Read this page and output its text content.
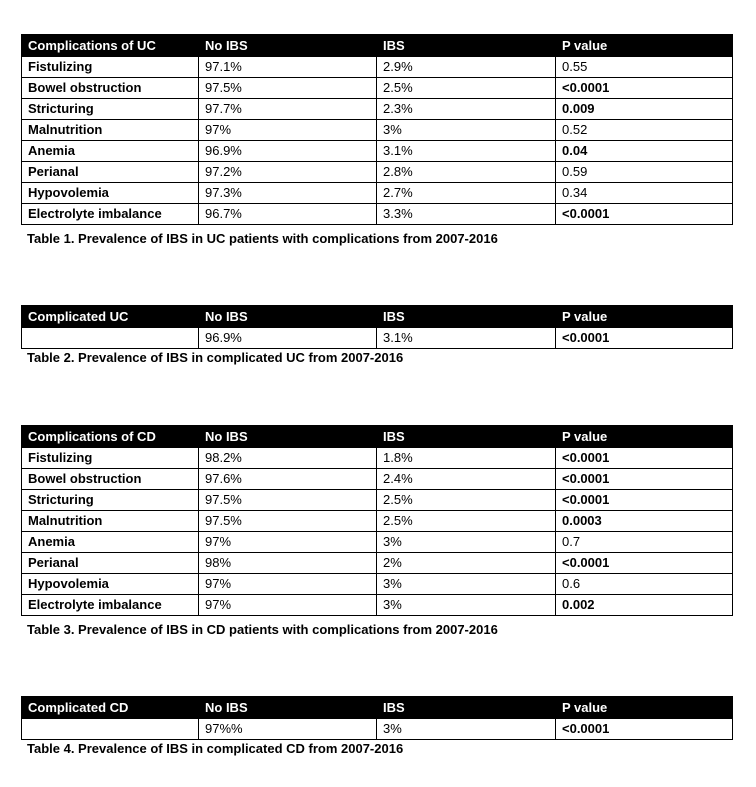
Complications of UC	No IBS	IBS	P value
Fistulizing	97.1%	2.9%	0.55
Bowel obstruction	97.5%	2.5%	<0.0001
Stricturing	97.7%	2.3%	0.009
Malnutrition	97%	3%	0.52
Anemia	96.9%	3.1%	0.04
Perianal	97.2%	2.8%	0.59
Hypovolemia	97.3%	2.7%	0.34
Electrolyte imbalance	96.7%	3.3%	<0.0001
Table 1. Prevalence of IBS in UC patients with complications from 2007-2016
Complicated UC	No IBS	IBS	P value
	96.9%	3.1%	<0.0001
Table 2. Prevalence of IBS in complicated UC from 2007-2016
Complications of CD	No IBS	IBS	P value
Fistulizing	98.2%	1.8%	<0.0001
Bowel obstruction	97.6%	2.4%	<0.0001
Stricturing	97.5%	2.5%	<0.0001
Malnutrition	97.5%	2.5%	0.0003
Anemia	97%	3%	0.7
Perianal	98%	2%	<0.0001
Hypovolemia	97%	3%	0.6
Electrolyte imbalance	97%	3%	0.002
Table 3. Prevalence of IBS in CD patients with complications from 2007-2016
Complicated CD	No IBS	IBS	P value
	97%%	3%	<0.0001
Table 4. Prevalence of IBS in complicated CD from 2007-2016
